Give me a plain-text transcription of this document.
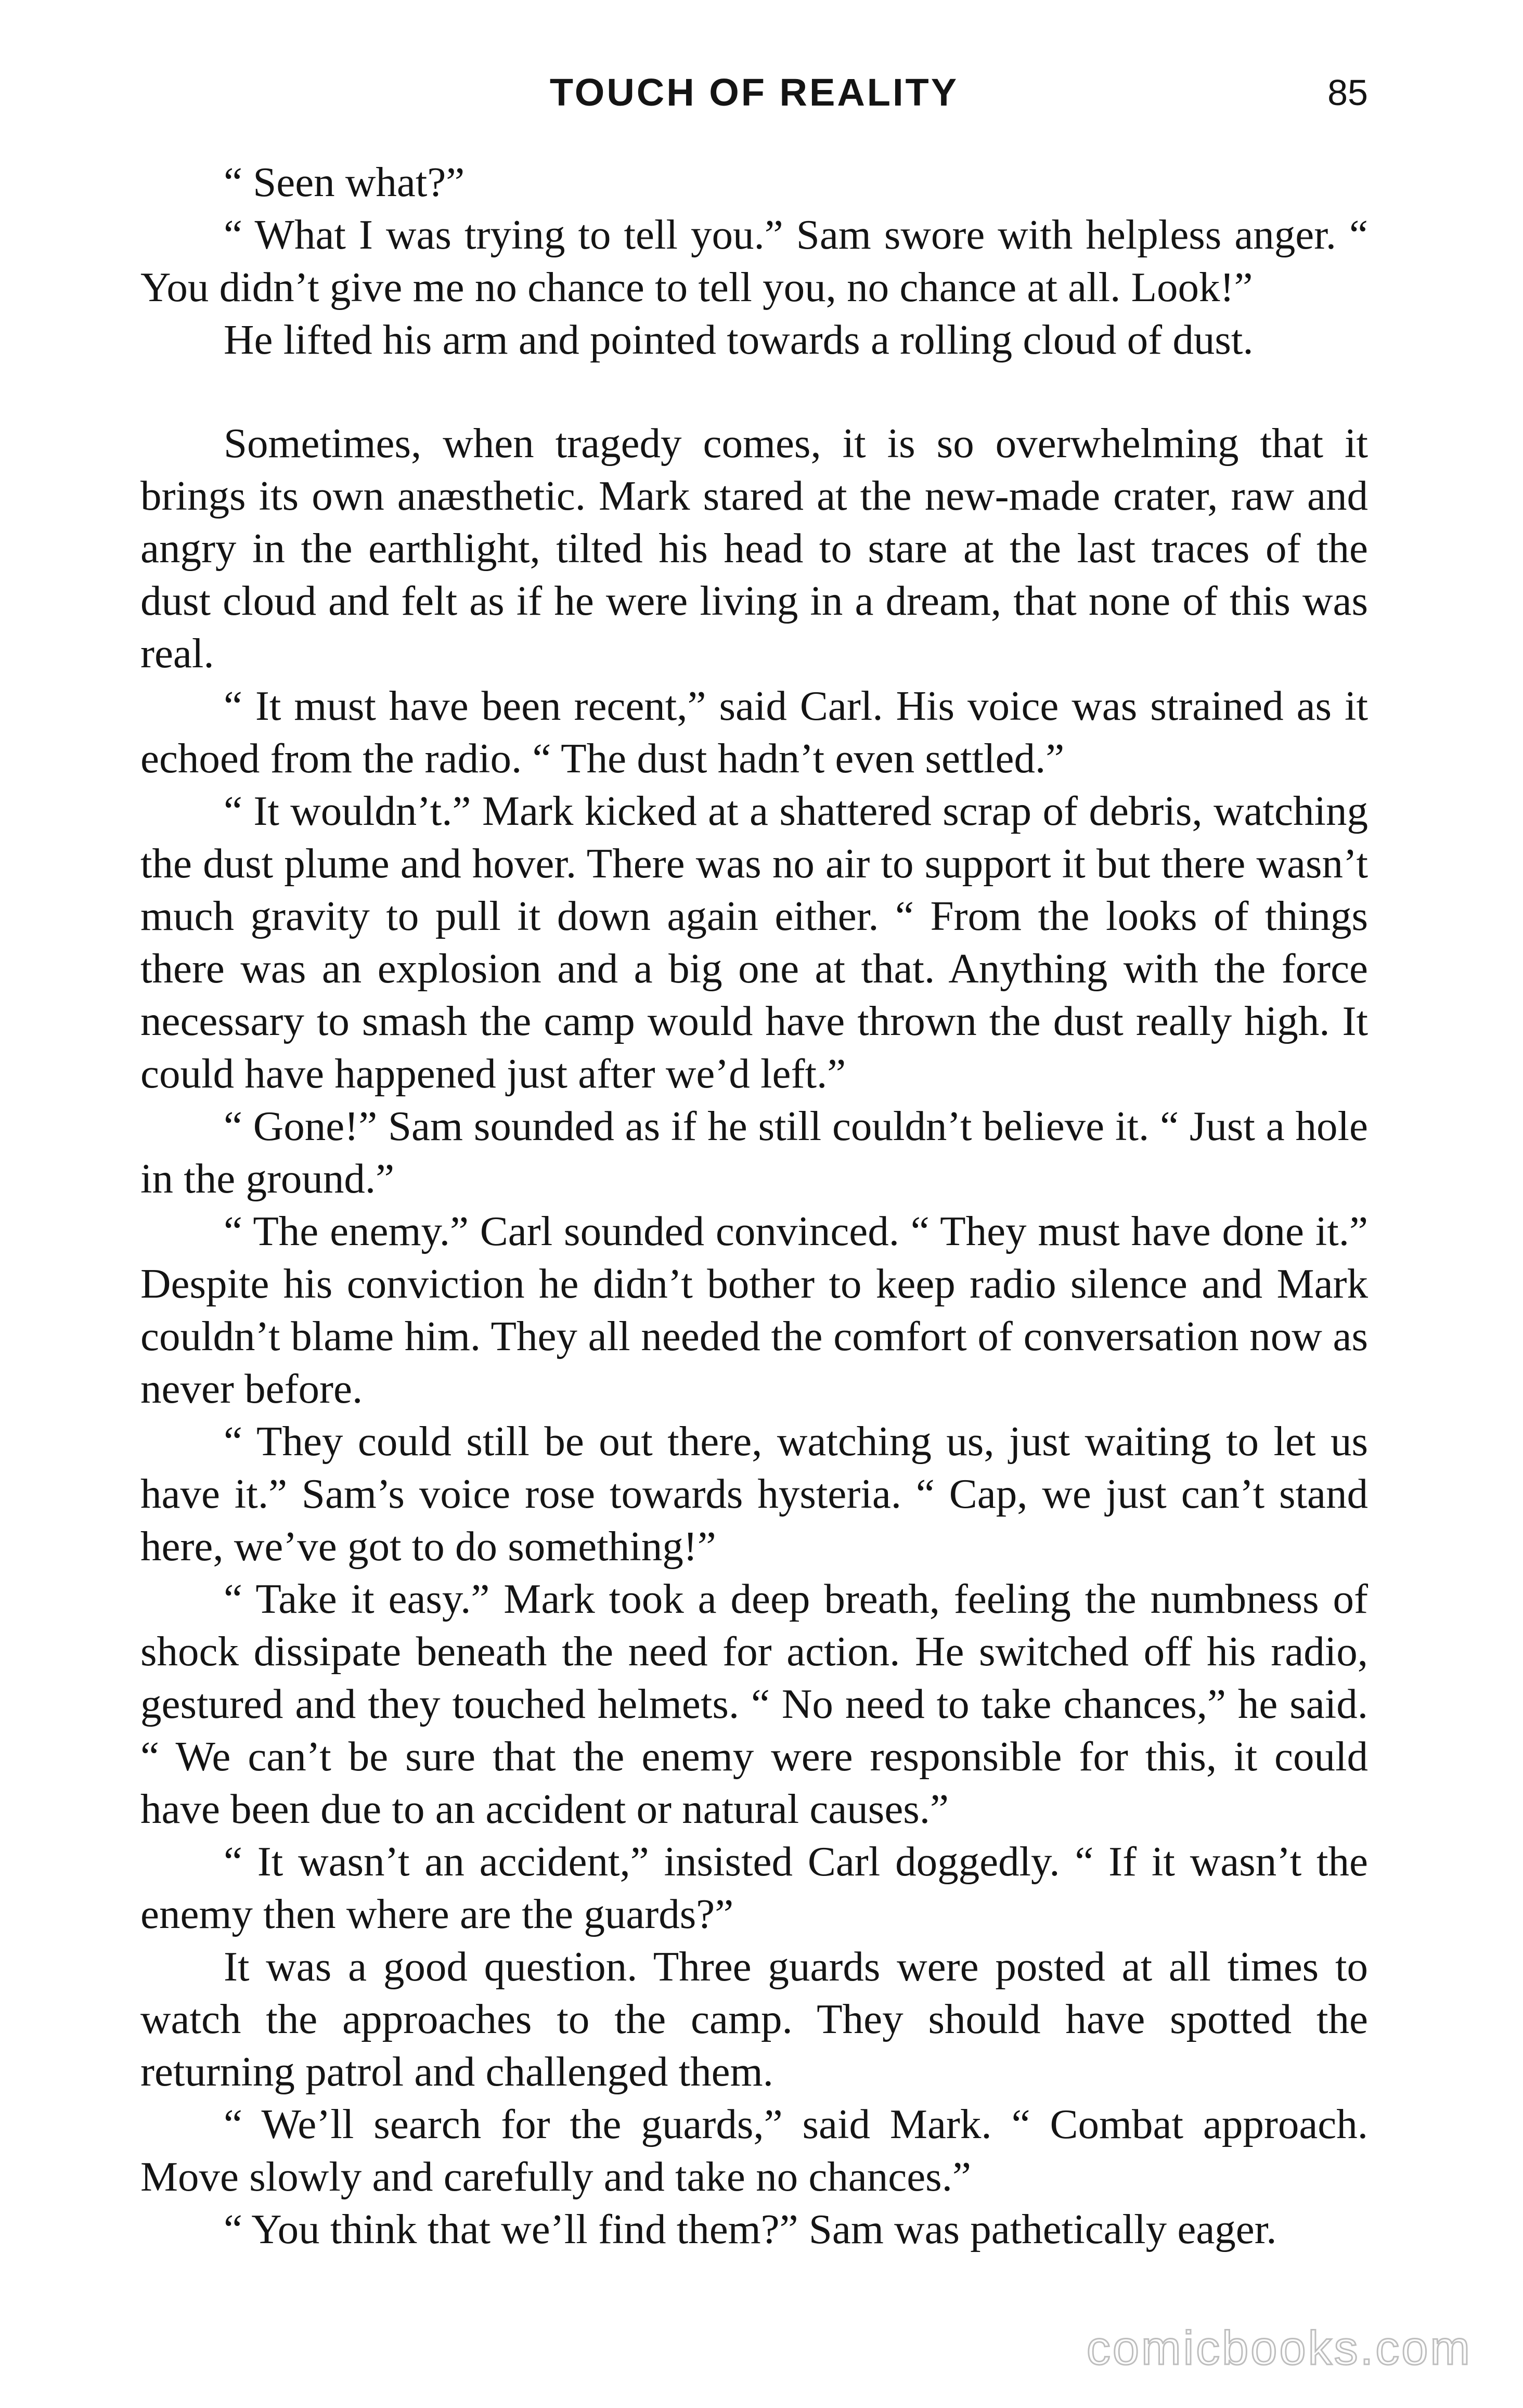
TOUCH OF REALITY	85

“ Seen what?”

“ What I was trying to tell you.” Sam swore with helpless anger. “ You didn’t give me no chance to tell you, no chance at all. Look!”

He lifted his arm and pointed towards a rolling cloud of dust.

Sometimes, when tragedy comes, it is so overwhelming that it brings its own anæsthetic. Mark stared at the new-made crater, raw and angry in the earthlight, tilted his head to stare at the last traces of the dust cloud and felt as if he were living in a dream, that none of this was real.

“ It must have been recent,” said Carl. His voice was strained as it echoed from the radio. “ The dust hadn’t even settled.”

“ It wouldn’t.” Mark kicked at a shattered scrap of debris, watching the dust plume and hover. There was no air to support it but there wasn’t much gravity to pull it down again either. “ From the looks of things there was an explosion and a big one at that. Anything with the force necessary to smash the camp would have thrown the dust really high. It could have happened just after we’d left.”

“ Gone!” Sam sounded as if he still couldn’t believe it. “ Just a hole in the ground.”

“ The enemy.” Carl sounded convinced. “ They must have done it.” Despite his conviction he didn’t bother to keep radio silence and Mark couldn’t blame him. They all needed the comfort of conversation now as never before.

“ They could still be out there, watching us, just waiting to let us have it.” Sam’s voice rose towards hysteria. “ Cap, we just can’t stand here, we’ve got to do something!”

“ Take it easy.” Mark took a deep breath, feeling the numbness of shock dissipate beneath the need for action. He switched off his radio, gestured and they touched helmets. “ No need to take chances,” he said. “ We can’t be sure that the enemy were responsible for this, it could have been due to an accident or natural causes.”

“ It wasn’t an accident,” insisted Carl doggedly. “ If it wasn’t the enemy then where are the guards?”

It was a good question. Three guards were posted at all times to watch the approaches to the camp. They should have spotted the returning patrol and challenged them.

“ We’ll search for the guards,” said Mark. “ Combat approach. Move slowly and carefully and take no chances.”

“ You think that we’ll find them?” Sam was pathetically eager.

comicbooks.com
